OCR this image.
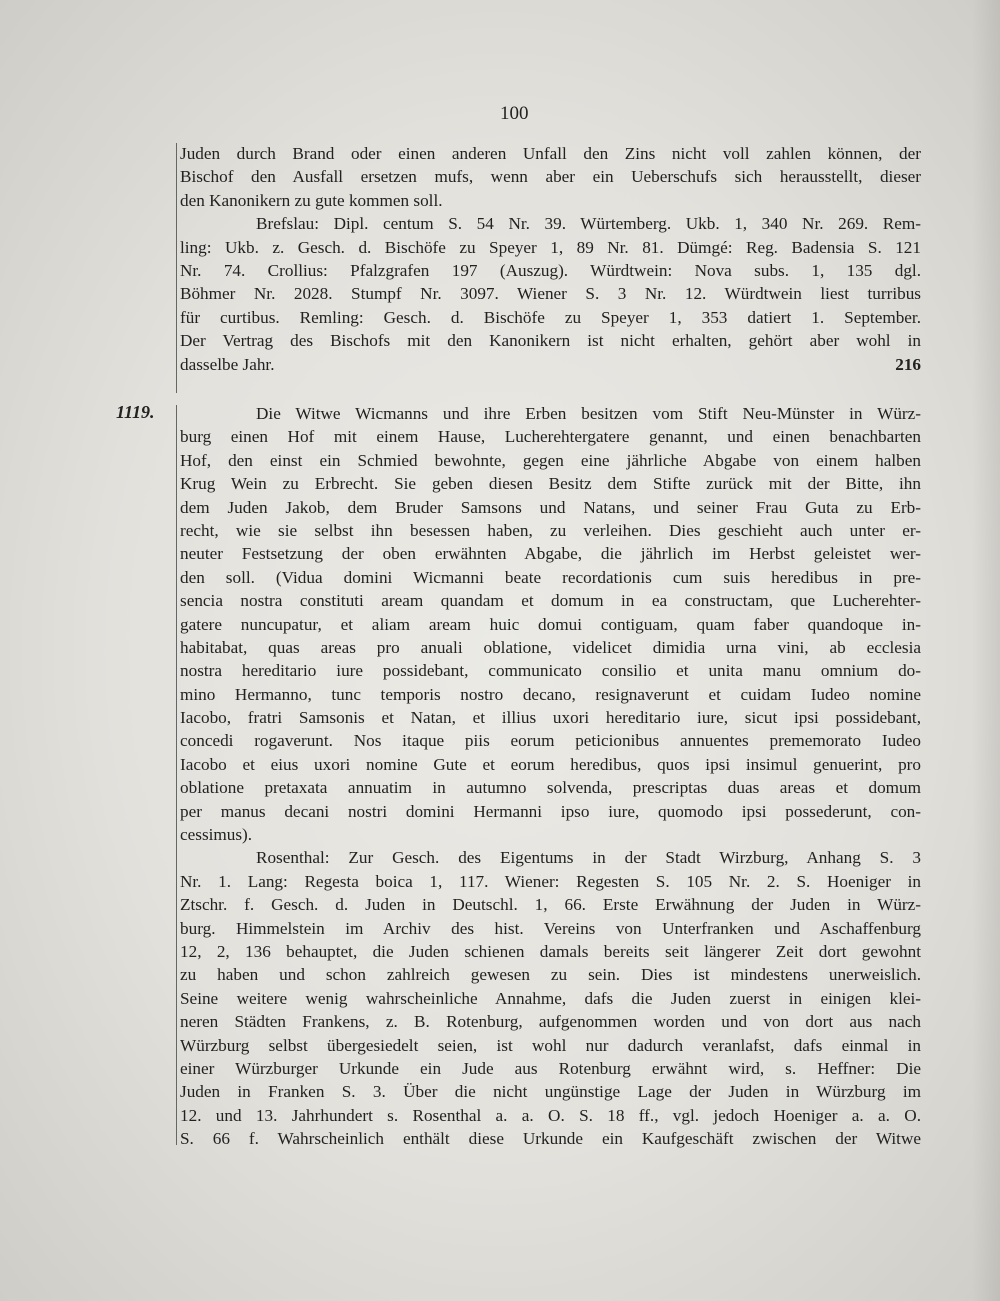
100
1119.
Juden durch Brand oder einen anderen Unfall den Zins nicht voll zahlen können, der
Bischof den Ausfall ersetzen mufs, wenn aber ein Ueberschufs sich herausstellt, dieser
den Kanonikern zu gute kommen soll.
Brefslau: Dipl. centum S. 54 Nr. 39. Würtemberg. Ukb. 1, 340 Nr. 269. Rem-
ling: Ukb. z. Gesch. d. Bischöfe zu Speyer 1, 89 Nr. 81. Dümgé: Reg. Badensia S. 121
Nr. 74. Crollius: Pfalzgrafen 197 (Auszug). Würdtwein: Nova subs. 1, 135 dgl.
Böhmer Nr. 2028. Stumpf Nr. 3097. Wiener S. 3 Nr. 12. Würdtwein liest turribus
für curtibus. Remling: Gesch. d. Bischöfe zu Speyer 1, 353 datiert 1. September.
Der Vertrag des Bischofs mit den Kanonikern ist nicht erhalten, gehört aber wohl in
dasselbe Jahr.	216
Die Witwe Wicmanns und ihre Erben besitzen vom Stift Neu-Münster in Würz-
burg einen Hof mit einem Hause, Lucherehtergatere genannt, und einen benachbarten
Hof, den einst ein Schmied bewohnte, gegen eine jährliche Abgabe von einem halben
Krug Wein zu Erbrecht. Sie geben diesen Besitz dem Stifte zurück mit der Bitte, ihn
dem Juden Jakob, dem Bruder Samsons und Natans, und seiner Frau Guta zu Erb-
recht, wie sie selbst ihn besessen haben, zu verleihen. Dies geschieht auch unter er-
neuter Festsetzung der oben erwähnten Abgabe, die jährlich im Herbst geleistet wer-
den soll. (Vidua domini Wicmanni beate recordationis cum suis heredibus in pre-
sencia nostra constituti aream quandam et domum in ea constructam, que Lucherehter-
gatere nuncupatur, et aliam aream huic domui contiguam, quam faber quandoque in-
habitabat, quas areas pro anuali oblatione, videlicet dimidia urna vini, ab ecclesia
nostra hereditario iure possidebant, communicato consilio et unita manu omnium do-
mino Hermanno, tunc temporis nostro decano, resignaverunt et cuidam Iudeo nomine
Iacobo, fratri Samsonis et Natan, et illius uxori hereditario iure, sicut ipsi possidebant,
concedi rogaverunt. Nos itaque piis eorum peticionibus annuentes prememorato Iudeo
Iacobo et eius uxori nomine Gute et eorum heredibus, quos ipsi insimul genuerint, pro
oblatione pretaxata annuatim in autumno solvenda, prescriptas duas areas et domum
per manus decani nostri domini Hermanni ipso iure, quomodo ipsi possederunt, con-
cessimus).
Rosenthal: Zur Gesch. des Eigentums in der Stadt Wirzburg, Anhang S. 3
Nr. 1. Lang: Regesta boica 1, 117. Wiener: Regesten S. 105 Nr. 2. S. Hoeniger in
Ztschr. f. Gesch. d. Juden in Deutschl. 1, 66. Erste Erwähnung der Juden in Würz-
burg. Himmelstein im Archiv des hist. Vereins von Unterfranken und Aschaffenburg
12, 2, 136 behauptet, die Juden schienen damals bereits seit längerer Zeit dort gewohnt
zu haben und schon zahlreich gewesen zu sein. Dies ist mindestens unerweislich.
Seine weitere wenig wahrscheinliche Annahme, dafs die Juden zuerst in einigen klei-
neren Städten Frankens, z. B. Rotenburg, aufgenommen worden und von dort aus nach
Würzburg selbst übergesiedelt seien, ist wohl nur dadurch veranlafst, dafs einmal in
einer Würzburger Urkunde ein Jude aus Rotenburg erwähnt wird, s. Heffner: Die
Juden in Franken S. 3. Über die nicht ungünstige Lage der Juden in Würzburg im
12. und 13. Jahrhundert s. Rosenthal a. a. O. S. 18 ff., vgl. jedoch Hoeniger a. a. O.
S. 66 f. Wahrscheinlich enthält diese Urkunde ein Kaufgeschäft zwischen der Witwe
